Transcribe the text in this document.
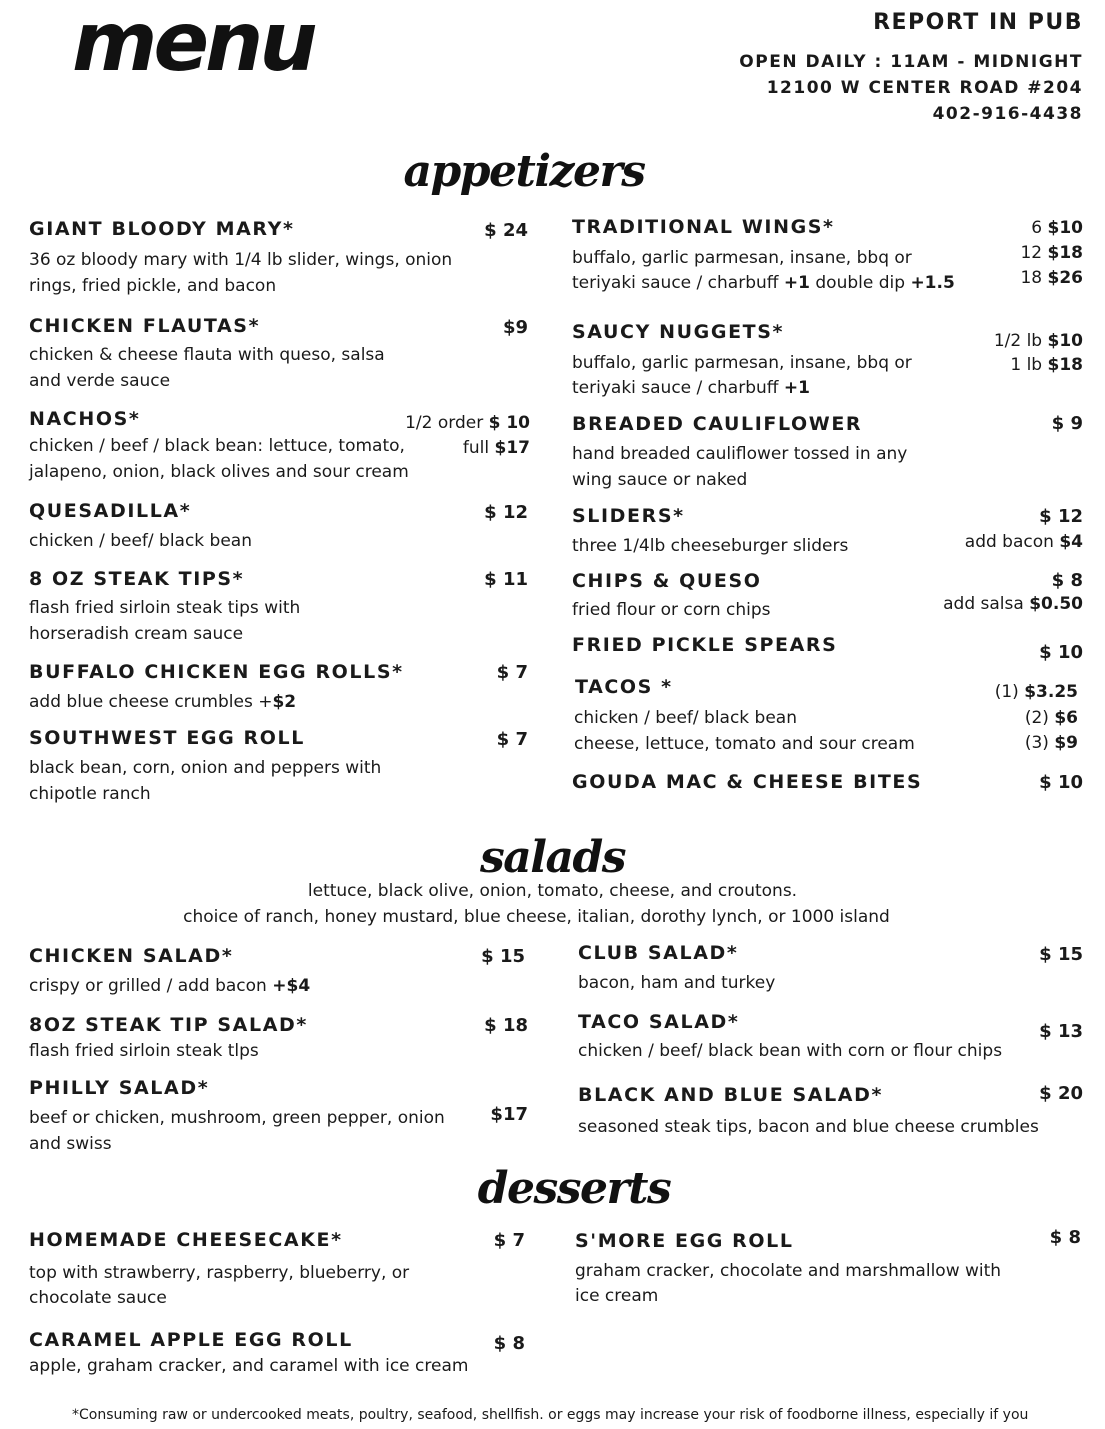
menu	REPORT IN PUB
OPEN DAILY : 11AM - MIDNIGHT
12100 W CENTER ROAD #204
402-916-4438
appetizers
GIANT BLOODY MARY*	$ 24
36 oz bloody mary with 1/4 lb slider, wings, onion
rings, fried pickle, and bacon
CHICKEN FLAUTAS*	$9
chicken & cheese flauta with queso, salsa
and verde sauce
NACHOS*	1/2 order $ 10
full $17
chicken / beef / black bean: lettuce, tomato,
jalapeno, onion, black olives and sour cream
QUESADILLA*	$ 12
chicken / beef/ black bean
8 OZ STEAK TIPS*	$ 11
flash fried sirloin steak tips with
horseradish cream sauce
BUFFALO CHICKEN EGG ROLLS*	$ 7
add blue cheese crumbles +$2
SOUTHWEST EGG ROLL	$ 7
black bean, corn, onion and peppers with
chipotle ranch
TRADITIONAL WINGS*
buffalo, garlic parmesan, insane, bbq or
teriyaki sauce / charbuff +1 double dip +1.5
6 $10
12 $18
18 $26
SAUCY NUGGETS*
buffalo, garlic parmesan, insane, bbq or
teriyaki sauce / charbuff +1
1/2 lb $10
1 lb $18
BREADED CAULIFLOWER	$ 9
hand breaded cauliflower tossed in any
wing sauce or naked
SLIDERS*	$ 12
three 1/4lb cheeseburger sliders	add bacon $4
CHIPS & QUESO	$ 8
fried flour or corn chips	add salsa $0.50
FRIED PICKLE SPEARS	$ 10
TACOS *
chicken / beef/ black bean
cheese, lettuce, tomato and sour cream
(1) $3.25
(2) $6
(3) $9
GOUDA MAC & CHEESE BITES	$ 10
salads
lettuce, black olive, onion, tomato, cheese, and croutons.
choice of ranch, honey mustard, blue cheese, italian, dorothy lynch, or 1000 island
CHICKEN SALAD*	$ 15
crispy or grilled / add bacon +$4
8OZ STEAK TIP SALAD*	$ 18
flash fried sirloin steak tlps
PHILLY SALAD*
$17
beef or chicken, mushroom, green pepper, onion
and swiss
CLUB SALAD*	$ 15
bacon, ham and turkey
TACO SALAD*	$ 13
chicken / beef/ black bean with corn or flour chips
BLACK AND BLUE SALAD*	$ 20
seasoned steak tips, bacon and blue cheese crumbles
desserts
HOMEMADE CHEESECAKE*	$ 7
top with strawberry, raspberry, blueberry, or
chocolate sauce
CARAMEL APPLE EGG ROLL	$ 8
apple, graham cracker, and caramel with ice cream
S'MORE EGG ROLL	$ 8
graham cracker, chocolate and marshmallow with
ice cream
*Consuming raw or undercooked meats, poultry, seafood, shellfish. or eggs may increase your risk of foodborne illness, especially if you
